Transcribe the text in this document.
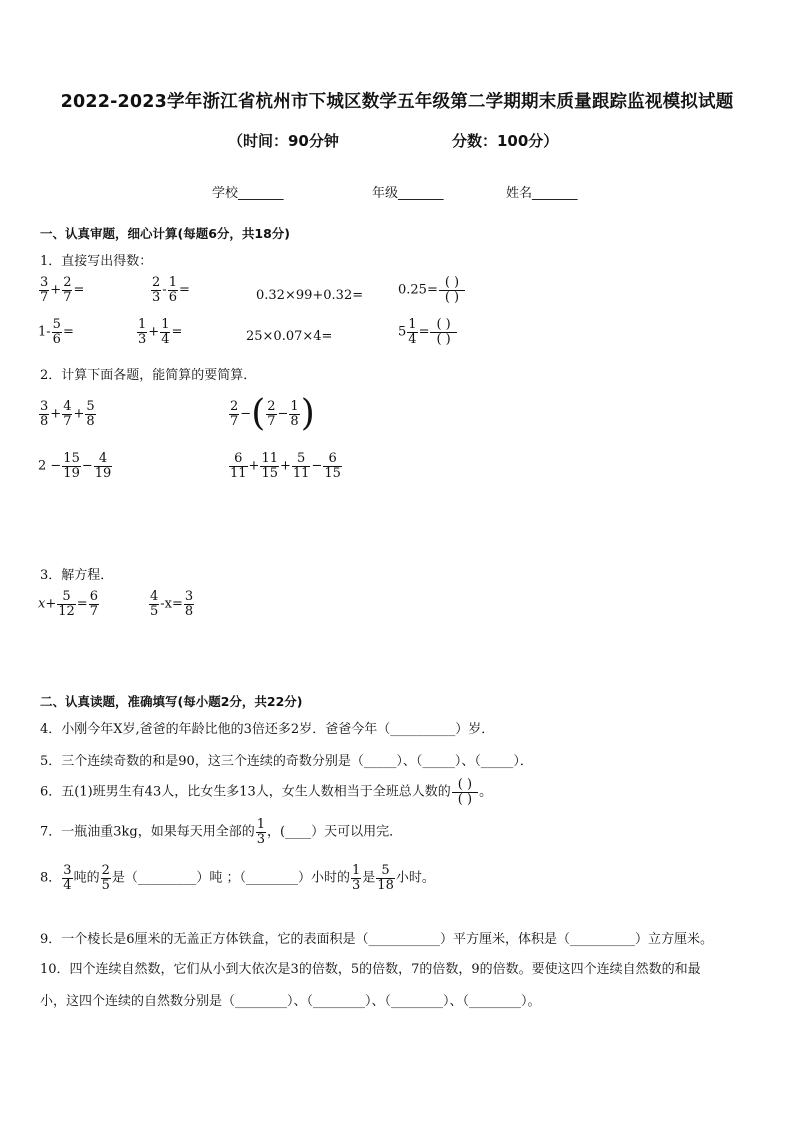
2022-2023学年浙江省杭州市下城区数学五年级第二学期期末质量跟踪监视模拟试题
（时间：90分钟	分数：100分）
学校_______	年级_______	姓名_______
一、认真审题，细心计算(每题6分，共18分)
1．直接写出得数：
$\frac{3}{7} + \frac{2}{7}$ =	$\frac{2}{3} - \frac{1}{6}$ =	0.32×99+0.32=	$0.25= \frac{( )}{( )}$
$1- \frac{5}{6}$ =	$\frac{1}{3} + \frac{1}{4}$ =	25×0.07×4=	$5 \frac{1}{4} = \frac{( )}{( )}$
2．计算下面各题，能简算的要简算．
$\frac{3}{8} + \frac{4}{7} + \frac{5}{8}$	$\frac{2}{7}$ −( $\frac{2}{7} - \frac{1}{8}$ )
$2 - \frac{15}{19} - \frac{4}{19}$	$\frac{6}{11} + \frac{11}{15} + \frac{5}{11} - \frac{6}{15}$
3．解方程．
$x+ \frac{5}{12} = \frac{6}{7}$	$\frac{4}{5} -x= \frac{3}{8}$
二、认真读题，准确填写(每小题2分，共22分)
4．小刚今年X岁,爸爸的年龄比他的3倍还多2岁．爸爸今年（__________）岁．
5．三个连续奇数的和是90，这三个连续的奇数分别是（_____）、（_____）、（_____）．
6．五(1)班男生有43人，比女生多13人，女生人数相当于全班总人数的 $\frac{( )}{( )}$ 。
7．一瓶油重3kg，如果每天用全部的 $\frac{1}{3}$ ，(____）天可以用完．
8． $\frac{3}{4}$ 吨的 $\frac{2}{5}$ 是（_________）吨 ；（________）小时的 $\frac{1}{3}$ 是 $\frac{5}{18}$ 小时。
9．一个棱长是6厘米的无盖正方体铁盒，它的表面积是（___________）平方厘米，体积是（__________）立方厘米。
10．四个连续自然数，它们从小到大依次是3的倍数，5的倍数，7的倍数，9的倍数。要使这四个连续自然数的和最
小，这四个连续的自然数分别是（________）、（________）、（________）、（________）。
